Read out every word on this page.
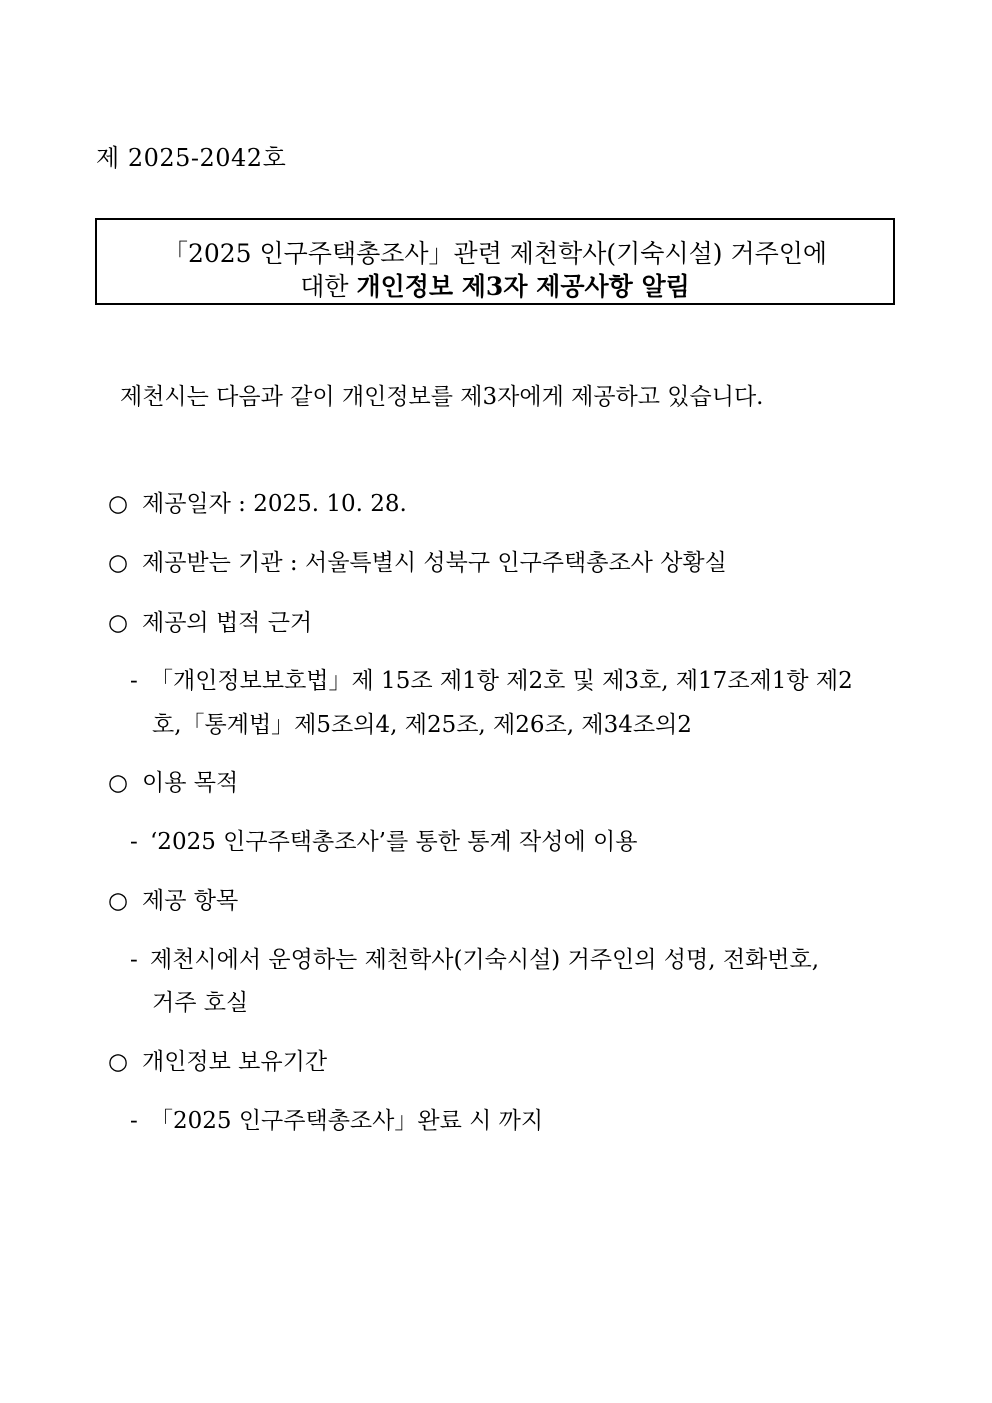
제 2025-2042호
「2025 인구주택총조사」관련 제천학사(기숙시설) 거주인에
대한 개인정보 제3자 제공사항 알림
제천시는 다음과 같이 개인정보를 제3자에게 제공하고 있습니다.
○ 제공일자 : 2025. 10. 28.
○ 제공받는 기관 : 서울특별시 성북구 인구주택총조사 상황실
○ 제공의 법적 근거
- 「개인정보보호법」제 15조 제1항 제2호 및 제3호, 제17조제1항 제2
호,「통계법」제5조의4, 제25조, 제26조, 제34조의2
○ 이용 목적
- ‘2025 인구주택총조사’를 통한 통계 작성에 이용
○ 제공 항목
- 제천시에서 운영하는 제천학사(기숙시설) 거주인의 성명, 전화번호,
거주 호실
○ 개인정보 보유기간
- 「2025 인구주택총조사」완료 시 까지
